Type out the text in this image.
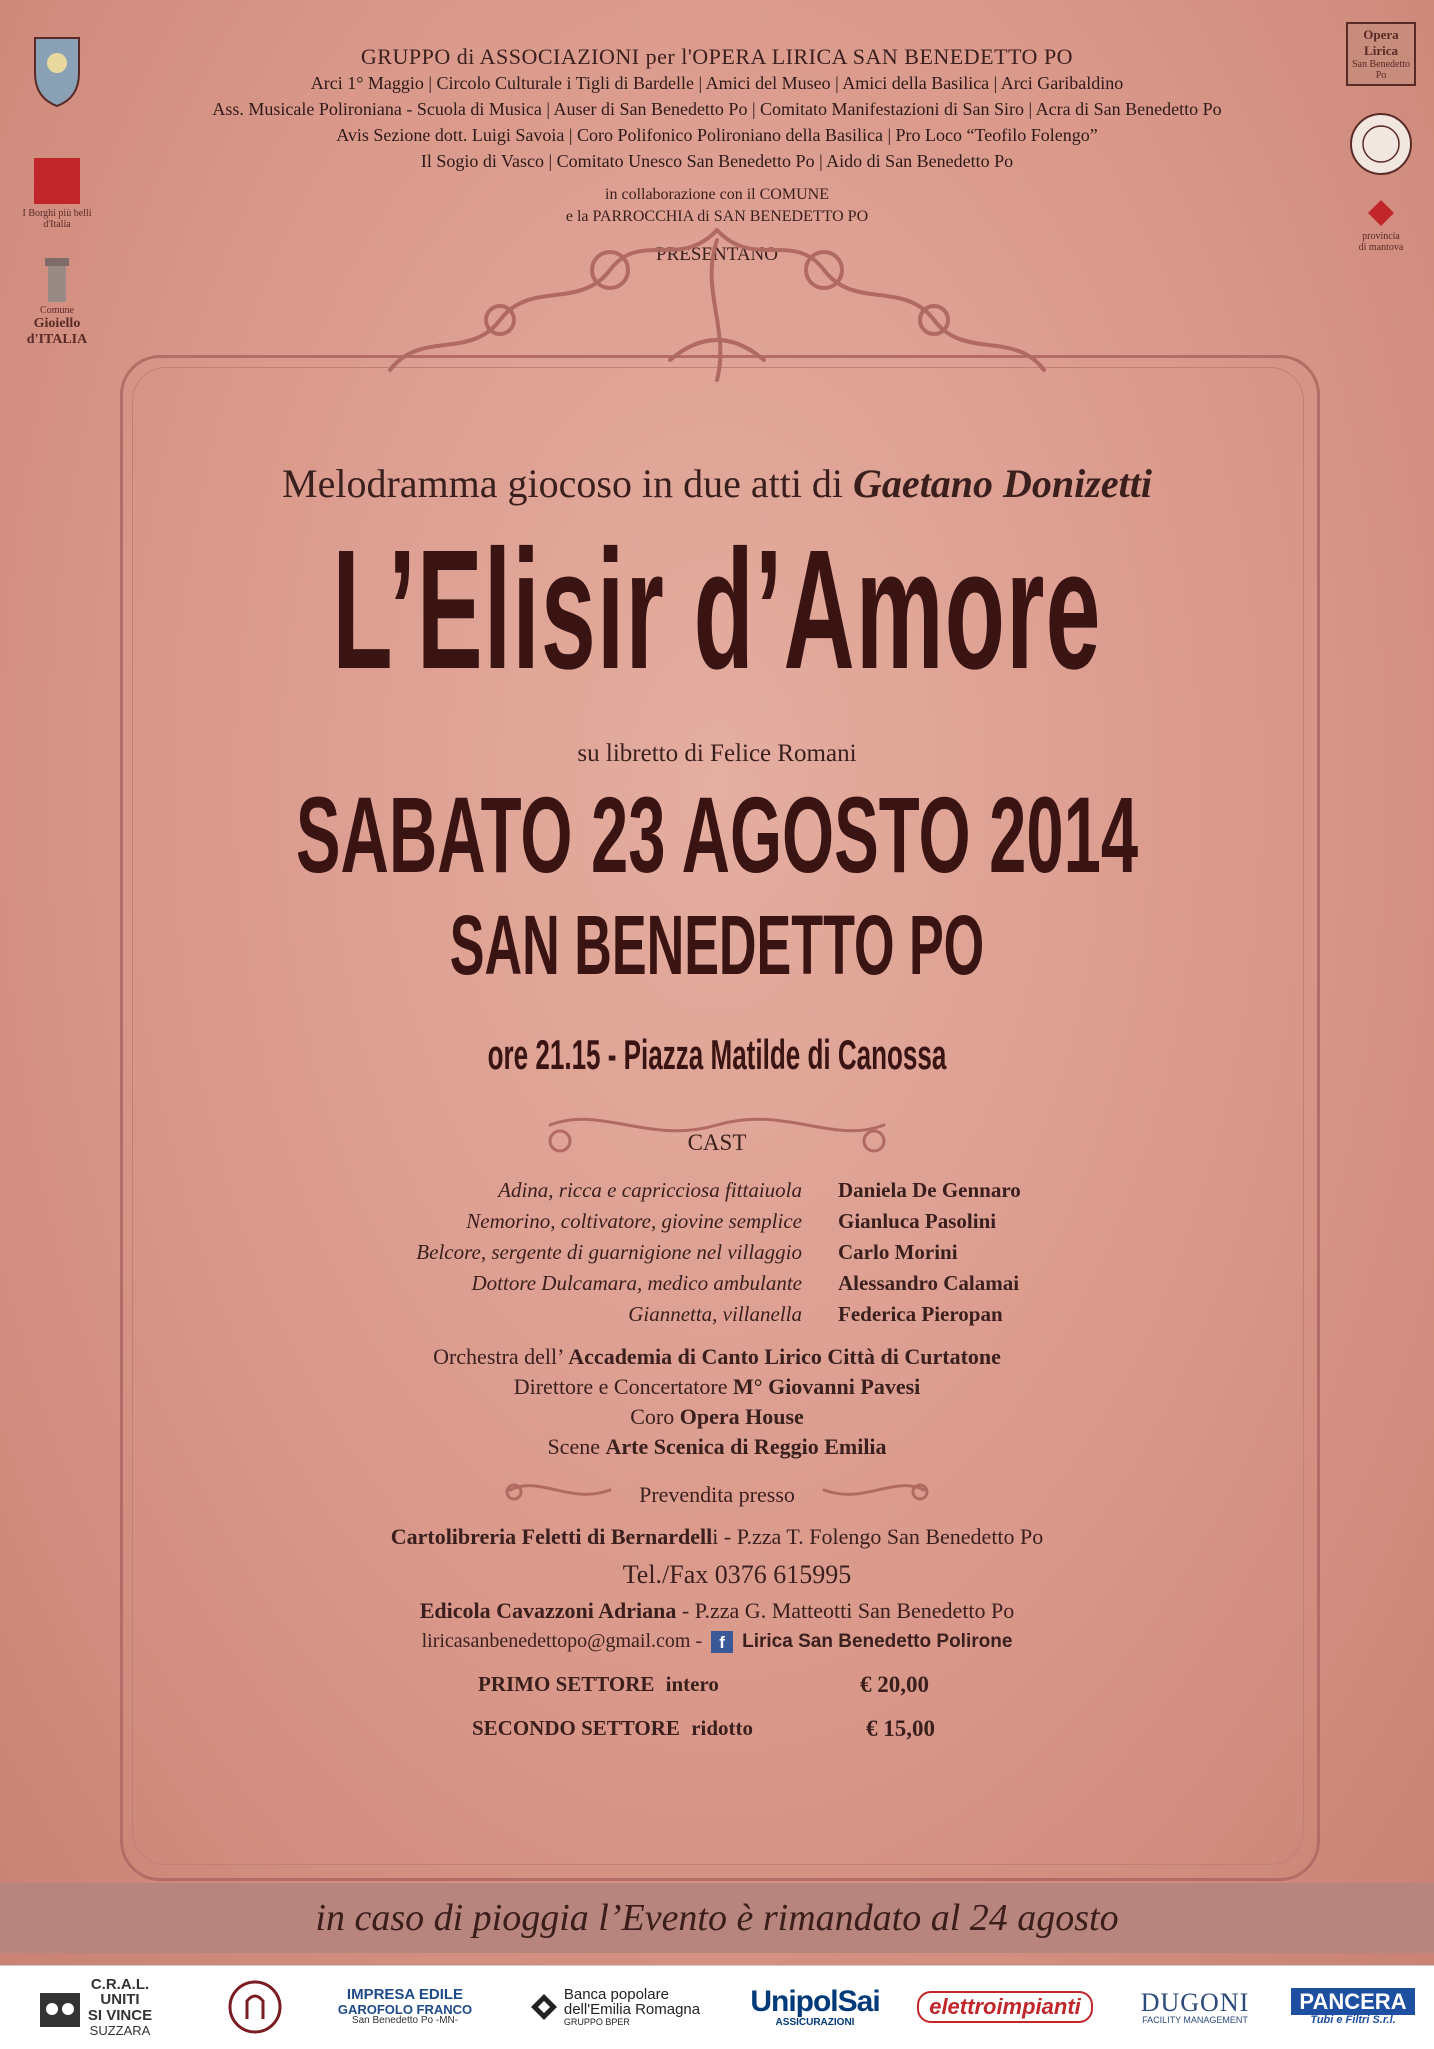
I Borghi più belli d'Italia
Comune
Gioiello
d'ITALIA
Opera
Lirica
San Benedetto Po
provincia
di mantova
GRUPPO di ASSOCIAZIONI per l'OPERA LIRICA SAN BENEDETTO PO
Arci 1° Maggio | Circolo Culturale i Tigli di Bardelle | Amici del Museo | Amici della Basilica | Arci Garibaldino
Ass. Musicale Polironiana - Scuola di Musica | Auser di San Benedetto Po | Comitato Manifestazioni di San Siro | Acra di San Benedetto Po
Avis Sezione dott. Luigi Savoia | Coro Polifonico Polironiano della Basilica | Pro Loco “Teofilo Folengo”
Il Sogio di Vasco | Comitato Unesco San Benedetto Po | Aido di San Benedetto Po
in collaborazione con il COMUNE
e la PARROCCHIA di SAN BENEDETTO PO
PRESENTANO
Melodramma giocoso in due atti di Gaetano Donizetti
L’Elisir d’Amore
su libretto di Felice Romani
SABATO 23 AGOSTO 2014
SAN BENEDETTO PO
ore 21.15 - Piazza Matilde di Canossa
CAST
Adina, ricca e capricciosa fittaiuola Daniela De Gennaro
Nemorino, coltivatore, giovine semplice Gianluca Pasolini
Belcore, sergente di guarnigione nel villaggio Carlo Morini
Dottore Dulcamara, medico ambulante Alessandro Calamai
Giannetta, villanella Federica Pieropan
Orchestra dell’ Accademia di Canto Lirico Città di Curtatone
Direttore e Concertatore M° Giovanni Pavesi
Coro Opera House
Scene Arte Scenica di Reggio Emilia
Prevendita presso
Cartolibreria Feletti di Bernardelli - P.zza T. Folengo San Benedetto Po
Tel./Fax 0376 615995
Edicola Cavazzoni Adriana - P.zza G. Matteotti San Benedetto Po
liricasanbenedettopo@gmail.com - f Lirica San Benedetto Polirone
PRIMO SETTORE intero	€ 20,00
SECONDO SETTORE ridotto	€ 15,00
in caso di pioggia l’Evento è rimandato al 24 agosto
C.R.A.L.
UNITI
SI VINCE
SUZZARA
IMPRESA EDILE
GAROFOLO FRANCO
San Benedetto Po -MN-
Banca popolare
dell'Emilia Romagna
GRUPPO BPER
UnipolSai
ASSICURAZIONI
elettroimpianti	DUGONI
FACILITY MANAGEMENT
PANCERA
Tubi e Filtri S.r.l.
